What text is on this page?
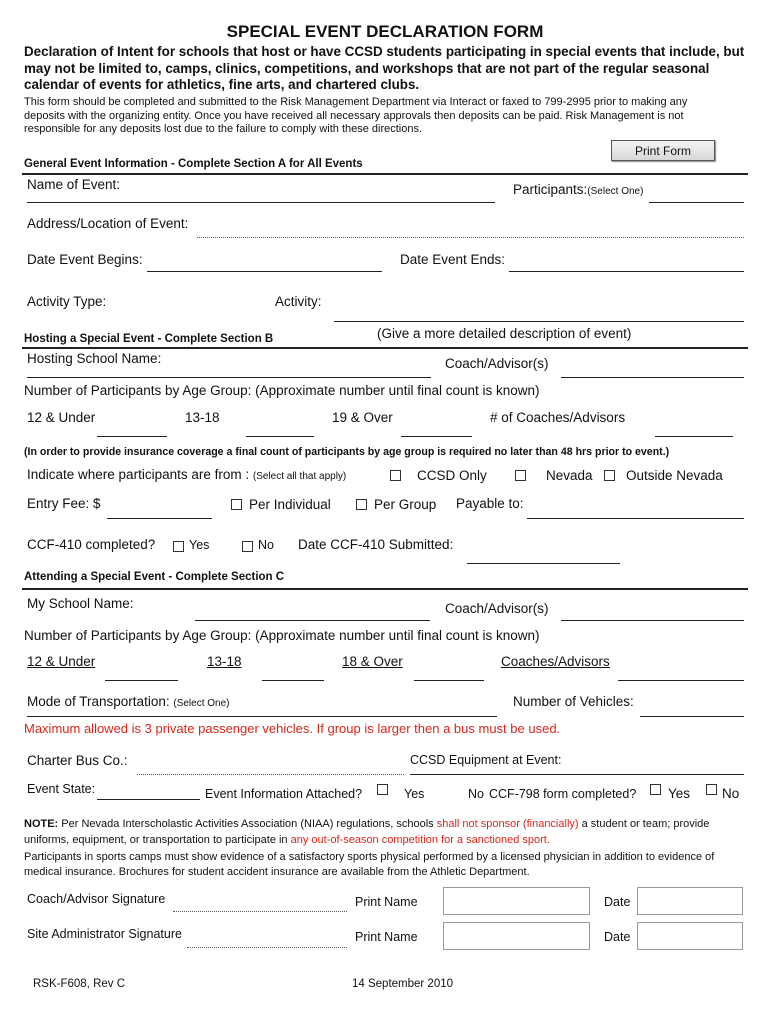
SPECIAL EVENT DECLARATION FORM
Declaration of Intent for schools that host or have CCSD students participating in special events that include, but may not be limited to, camps, clinics, competitions, and workshops that are not part of the regular seasonal calendar of events for athletics, fine arts, and chartered clubs.
This form should be completed and submitted to the Risk Management Department via Interact or faxed to 799-2995 prior to making any deposits with the organizing entity. Once you have received all necessary approvals then deposits can be paid. Risk Management is not responsible for any deposits lost due to the failure to comply with these directions.
Print Form
General Event Information - Complete Section A for All Events
Name of Event:	Participants:(Select One)
Address/Location of Event:
Date Event Begins:	Date Event Ends:
Activity Type:	Activity:
(Give a more detailed description of event)
Hosting a Special Event - Complete Section B
Hosting School Name:	Coach/Advisor(s)
Number of Participants by Age Group: (Approximate number until final count is known)
12 & Under	13-18	19 & Over	# of Coaches/Advisors
(In order to provide insurance coverage a final count of participants by age group is required no later than 48 hrs prior to event.)
Indicate where participants are from : (Select all that apply)	CCSD Only	Nevada Outside Nevada
Entry Fee: $	Per Individual	Per Group Payable to:
CCF-410 completed?	Yes	No Date CCF-410 Submitted:
Attending a Special Event - Complete Section C
My School Name:	Coach/Advisor(s)
Number of Participants by Age Group: (Approximate number until final count is known)
12 & Under	13-18	18 & Over	Coaches/Advisors
Mode of Transportation: (Select One)	Number of Vehicles:
Maximum allowed is 3 private passenger vehicles. If group is larger then a bus must be used.
Charter Bus Co.:	CCSD Equipment at Event:
Event State:	Event Information Attached?	Yes	No CCF-798 form completed? Yes No
NOTE: Per Nevada Interscholastic Activities Association (NIAA) regulations, schools shall not sponsor (financially) a student or team; provide uniforms, equipment, or transportation to participate in any out-of-season competition for a sanctioned sport.
Participants in sports camps must show evidence of a satisfactory sports physical performed by a licensed physician in addition to evidence of medical insurance. Brochures for student accident insurance are available from the Athletic Department.
Coach/Advisor Signature	Print Name	Date
Site Administrator Signature	Print Name	Date
RSK-F608, Rev C	14 September 2010
